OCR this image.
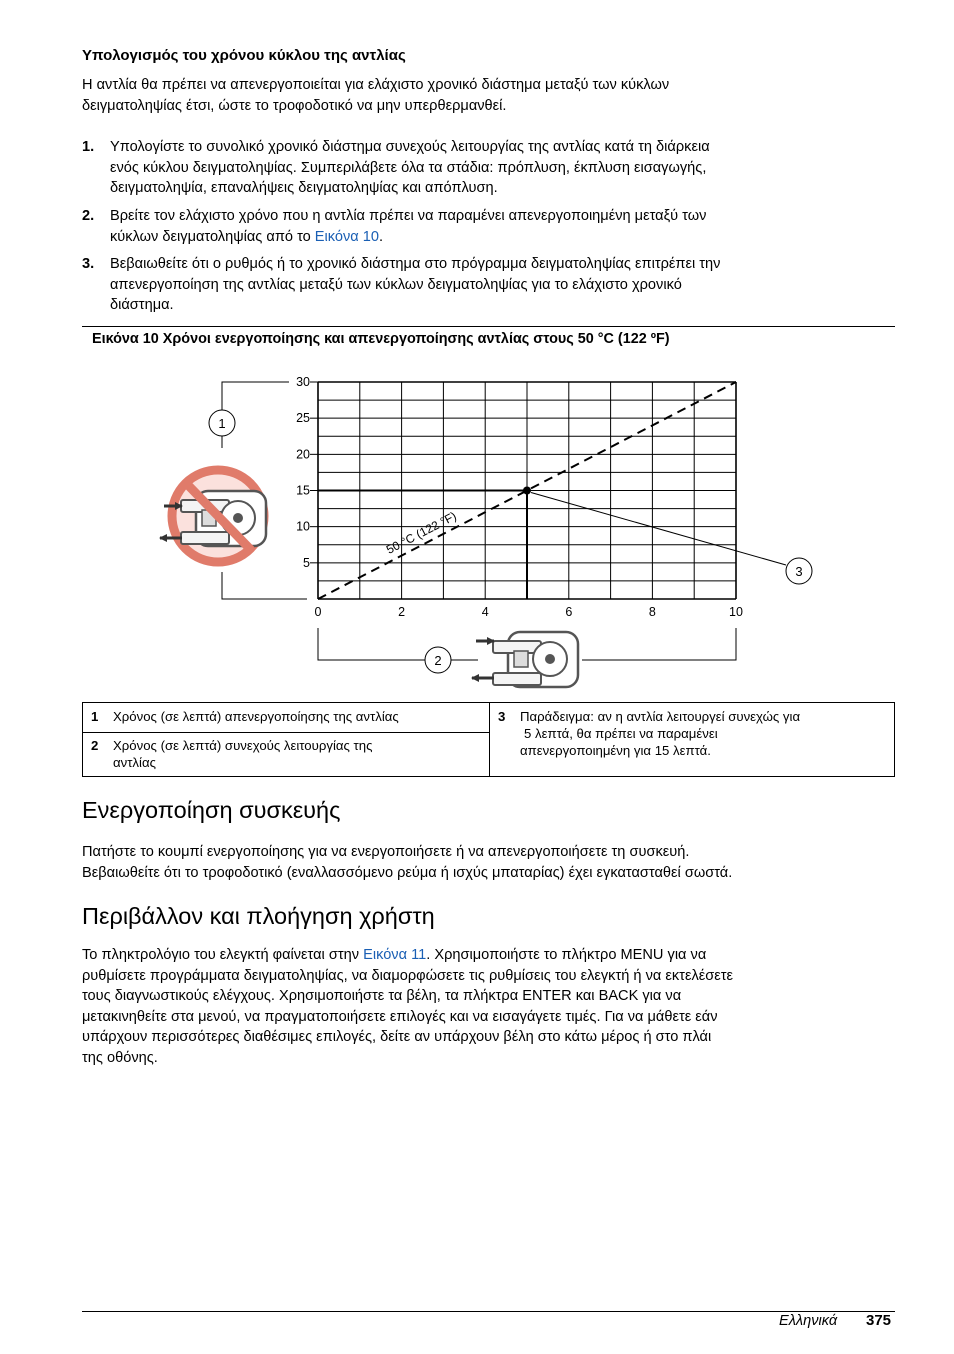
Υπολογισμός του χρόνου κύκλου της αντλίας
Η αντλία θα πρέπει να απενεργοποιείται για ελάχιστο χρονικό διάστημα μεταξύ των κύκλων
δειγματοληψίας έτσι, ώστε το τροφοδοτικό να μην υπερθερμανθεί.
1. Υπολογίστε το συνολικό χρονικό διάστημα συνεχούς λειτουργίας της αντλίας κατά τη διάρκεια
ενός κύκλου δειγματοληψίας. Συμπεριλάβετε όλα τα στάδια: πρόπλυση, έκπλυση εισαγωγής,
δειγματοληψία, επαναλήψεις δειγματοληψίας και απόπλυση.
2. Βρείτε τον ελάχιστο χρόνο που η αντλία πρέπει να παραμένει απενεργοποιημένη μεταξύ των
κύκλων δειγματοληψίας από το Εικόνα 10.
3. Βεβαιωθείτε ότι ο ρυθμός ή το χρονικό διάστημα στο πρόγραμμα δειγματοληψίας επιτρέπει την
απενεργοποίηση της αντλίας μεταξύ των κύκλων δειγματοληψίας για το ελάχιστο χρονικό
διάστημα.
Εικόνα 10 Χρόνοι ενεργοποίησης και απενεργοποίησης αντλίας στους 50 °C (122 ºF)
1
5
10
15
20
25
30
0	2	4	6	8	10
50 °C (122 °F)
3
2
1 Χρόνος (σε λεπτά) απενεργοποίησης της αντλίας
2 Χρόνος (σε λεπτά) συνεχούς λειτουργίας της
αντλίας
3 Παράδειγμα: αν η αντλία λειτουργεί συνεχώς για
5 λεπτά, θα πρέπει να παραμένει
απενεργοποιημένη για 15 λεπτά.
Ενεργοποίηση συσκευής
Πατήστε το κουμπί ενεργοποίησης για να ενεργοποιήσετε ή να απενεργοποιήσετε τη συσκευή.
Βεβαιωθείτε ότι το τροφοδοτικό (εναλλασσόμενο ρεύμα ή ισχύς μπαταρίας) έχει εγκατασταθεί σωστά.
Περιβάλλον και πλοήγηση χρήστη
Το πληκτρολόγιο του ελεγκτή φαίνεται στην Εικόνα 11. Χρησιμοποιήστε το πλήκτρο MENU για να
ρυθμίσετε προγράμματα δειγματοληψίας, να διαμορφώσετε τις ρυθμίσεις του ελεγκτή ή να εκτελέσετε
τους διαγνωστικούς ελέγχους. Χρησιμοποιήστε τα βέλη, τα πλήκτρα ENTER και BACK για να
μετακινηθείτε στα μενού, να πραγματοποιήσετε επιλογές και να εισαγάγετε τιμές. Για να μάθετε εάν
υπάρχουν περισσότερες διαθέσιμες επιλογές, δείτε αν υπάρχουν βέλη στο κάτω μέρος ή στο πλάι
της οθόνης.
Ελληνικά 375
